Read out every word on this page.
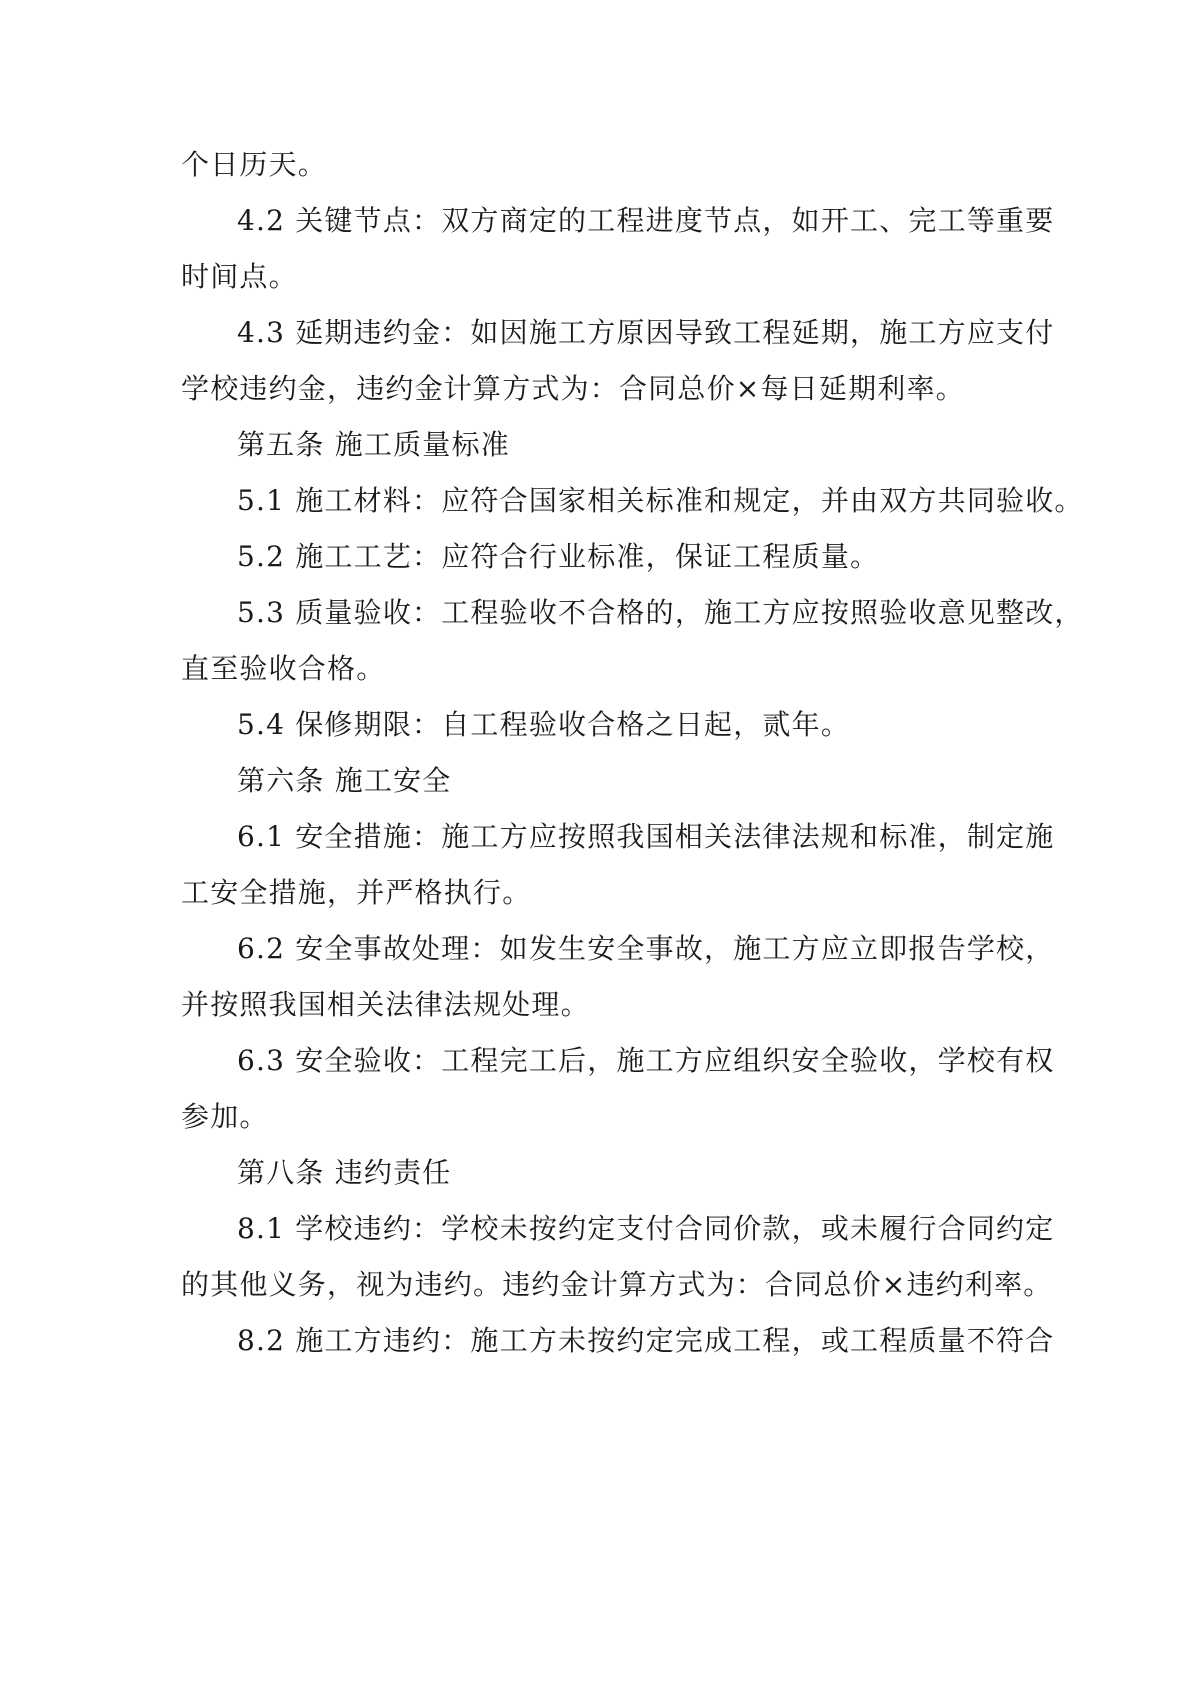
个日历天。
4.2 关键节点：双方商定的工程进度节点，如开工、完工等重要
时间点。
4.3 延期违约金：如因施工方原因导致工程延期，施工方应支付
学校违约金，违约金计算方式为：合同总价×每日延期利率。
第五条 施工质量标准
5.1 施工材料：应符合国家相关标准和规定，并由双方共同验收。
5.2 施工工艺：应符合行业标准，保证工程质量。
5.3 质量验收：工程验收不合格的，施工方应按照验收意见整改，
直至验收合格。
5.4 保修期限：自工程验收合格之日起，贰年。
第六条 施工安全
6.1 安全措施：施工方应按照我国相关法律法规和标准，制定施
工安全措施，并严格执行。
6.2 安全事故处理：如发生安全事故，施工方应立即报告学校，
并按照我国相关法律法规处理。
6.3 安全验收：工程完工后，施工方应组织安全验收，学校有权
参加。
第八条 违约责任
8.1 学校违约：学校未按约定支付合同价款，或未履行合同约定
的其他义务，视为违约。违约金计算方式为：合同总价×违约利率。
8.2 施工方违约：施工方未按约定完成工程，或工程质量不符合
